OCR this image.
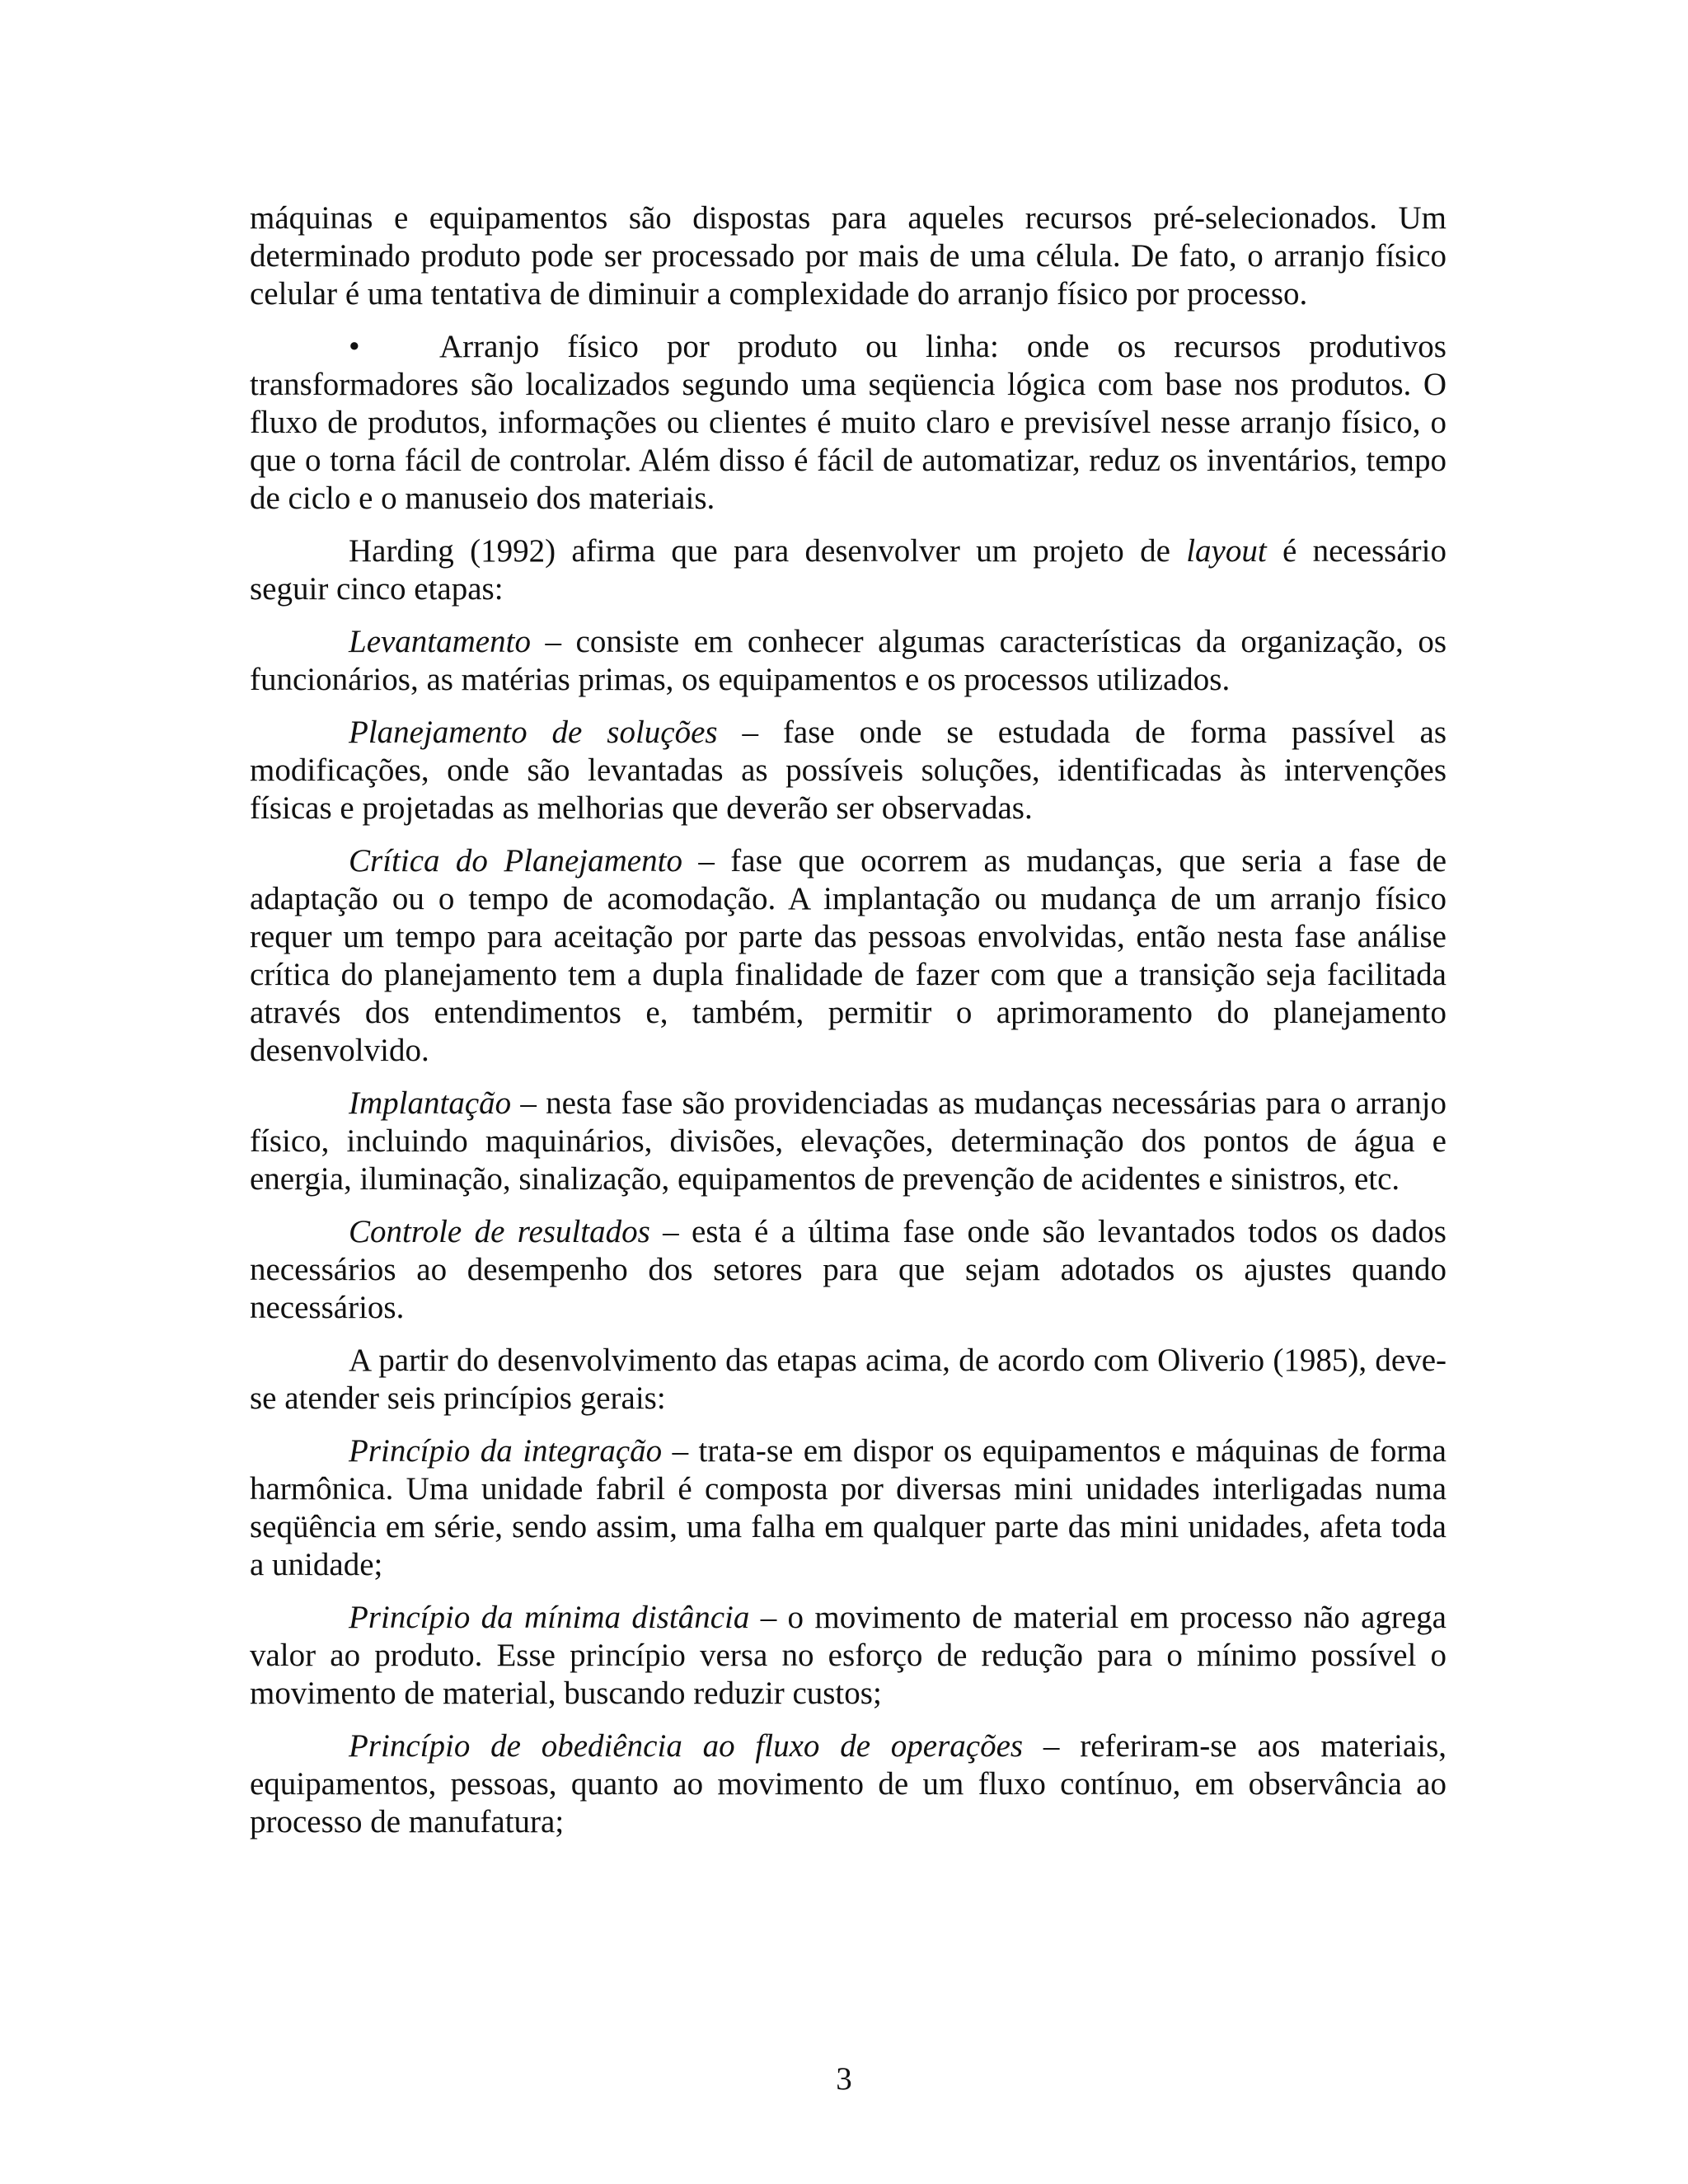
máquinas e equipamentos são dispostas para aqueles recursos pré-selecionados. Um determinado produto pode ser processado por mais de uma célula. De fato, o arranjo físico celular é uma tentativa de diminuir a complexidade do arranjo físico por processo.

• Arranjo físico por produto ou linha: onde os recursos produtivos transformadores são localizados segundo uma seqüencia lógica com base nos produtos. O fluxo de produtos, informações ou clientes é muito claro e previsível nesse arranjo físico, o que o torna fácil de controlar. Além disso é fácil de automatizar, reduz os inventários, tempo de ciclo e o manuseio dos materiais.

Harding (1992) afirma que para desenvolver um projeto de layout é necessário seguir cinco etapas:

Levantamento – consiste em conhecer algumas características da organização, os funcionários, as matérias primas, os equipamentos e os processos utilizados.

Planejamento de soluções – fase onde se estudada de forma passível as modificações, onde são levantadas as possíveis soluções, identificadas às intervenções físicas e projetadas as melhorias que deverão ser observadas.

Crítica do Planejamento – fase que ocorrem as mudanças, que seria a fase de adaptação ou o tempo de acomodação. A implantação ou mudança de um arranjo físico requer um tempo para aceitação por parte das pessoas envolvidas, então nesta fase análise crítica do planejamento tem a dupla finalidade de fazer com que a transição seja facilitada através dos entendimentos e, também, permitir o aprimoramento do planejamento desenvolvido.

Implantação – nesta fase são providenciadas as mudanças necessárias para o arranjo físico, incluindo maquinários, divisões, elevações, determinação dos pontos de água e energia, iluminação, sinalização, equipamentos de prevenção de acidentes e sinistros, etc.

Controle de resultados – esta é a última fase onde são levantados todos os dados necessários ao desempenho dos setores para que sejam adotados os ajustes quando necessários.

A partir do desenvolvimento das etapas acima, de acordo com Oliverio (1985), deve-se atender seis princípios gerais:

Princípio da integração – trata-se em dispor os equipamentos e máquinas de forma harmônica. Uma unidade fabril é composta por diversas mini unidades interligadas numa seqüência em série, sendo assim, uma falha em qualquer parte das mini unidades, afeta toda a unidade;

Princípio da mínima distância – o movimento de material em processo não agrega valor ao produto. Esse princípio versa no esforço de redução para o mínimo possível o movimento de material, buscando reduzir custos;

Princípio de obediência ao fluxo de operações – referiram-se aos materiais, equipamentos, pessoas, quanto ao movimento de um fluxo contínuo, em observância ao processo de manufatura;

3
